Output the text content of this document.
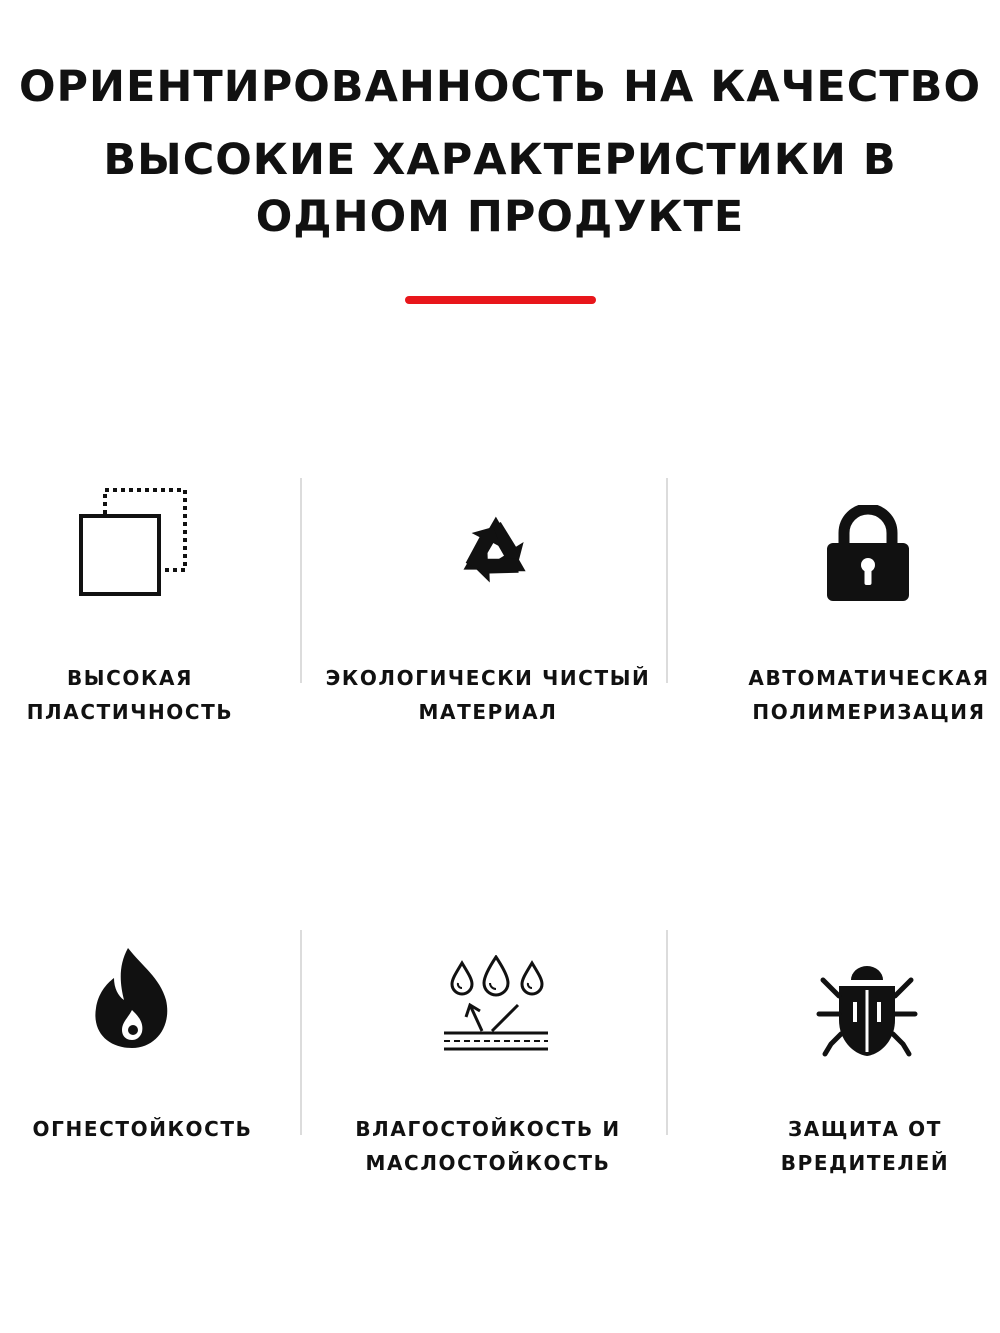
ОРИЕНТИРОВАННОСТЬ НА КАЧЕСТВО
ВЫСОКИЕ ХАРАКТЕРИСТИКИ В
ОДНОМ ПРОДУКТЕ
ВЫСОКАЯ
ПЛАСТИЧНОСТЬ
ЭКОЛОГИЧЕСКИ ЧИСТЫЙ
МАТЕРИАЛ
АВТОМАТИЧЕСКАЯ
ПОЛИМЕРИЗАЦИЯ
ОГНЕСТОЙКОСТЬ	ВЛАГОСТОЙКОСТЬ И
МАСЛОСТОЙКОСТЬ
ЗАЩИТА ОТ
ВРЕДИТЕЛЕЙ
